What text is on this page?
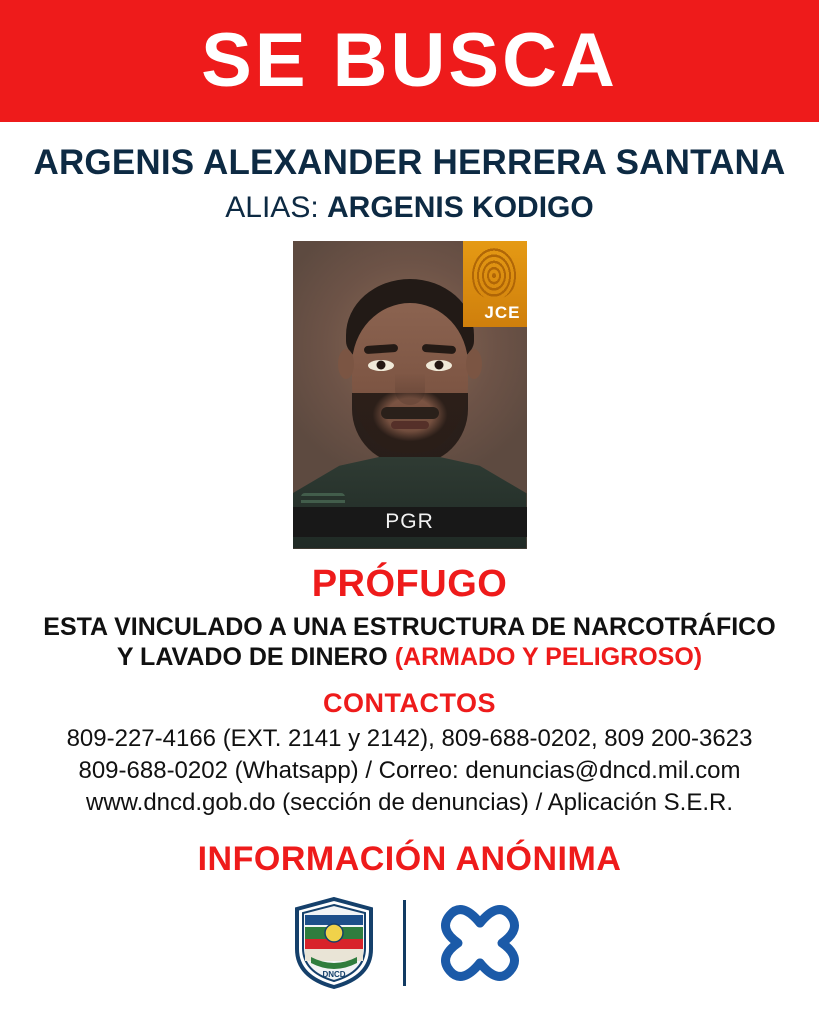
SE BUSCA
ARGENIS ALEXANDER HERRERA SANTANA
ALIAS: ARGENIS KODIGO
JCE
PGR
PRÓFUGO
ESTA VINCULADO A UNA ESTRUCTURA DE NARCOTRÁFICO
Y LAVADO DE DINERO (ARMADO Y PELIGROSO)
CONTACTOS
809-227-4166 (EXT. 2141 y 2142), 809-688-0202, 809 200-3623
809-688-0202 (Whatsapp) / Correo: denuncias@dncd.mil.com
www.dncd.gob.do (sección de denuncias) / Aplicación S.E.R.
INFORMACIÓN ANÓNIMA
DNCD
